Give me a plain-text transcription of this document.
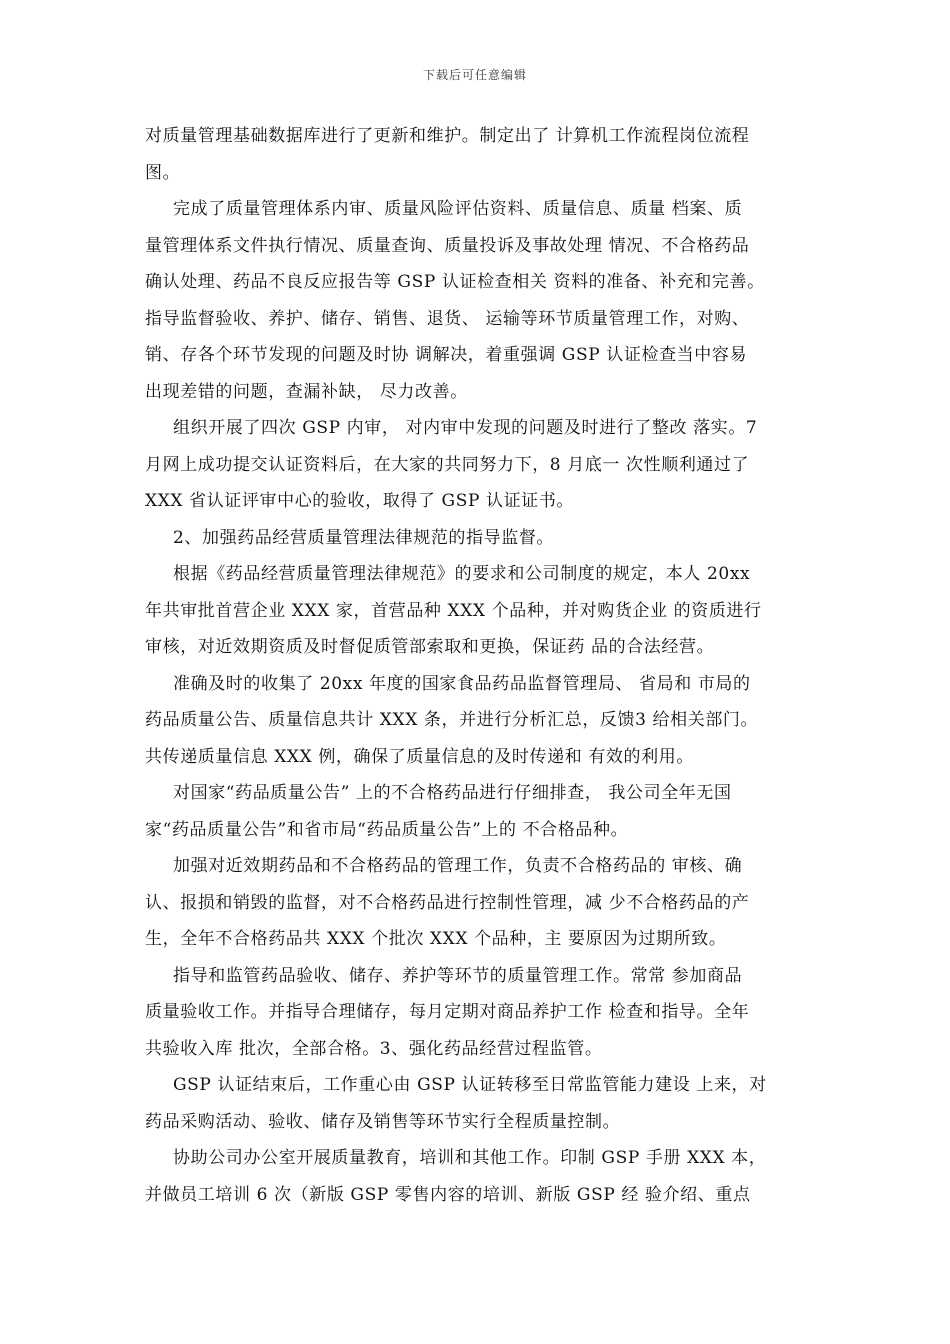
下载后可任意编辑
对质量管理基础数据库进行了更新和维护。制定出了 计算机工作流程岗位流程
图。
完成了质量管理体系内审、质量风险评估资料、质量信息、质量 档案、质
量管理体系文件执行情况、质量查询、质量投诉及事故处理 情况、不合格药品
确认处理、药品不良反应报告等 GSP 认证检查相关 资料的准备、补充和完善。
指导监督验收、养护、储存、销售、退货、 运输等环节质量管理工作，对购、
销、存各个环节发现的问题及时协 调解决，着重强调 GSP 认证检查当中容易
出现差错的问题，查漏补缺， 尽力改善。
组织开展了四次 GSP 内审， 对内审中发现的问题及时进行了整改 落实。7
月网上成功提交认证资料后，在大家的共同努力下，8 月底一 次性顺利通过了
XXX 省认证评审中心的验收，取得了 GSP 认证证书。
2、加强药品经营质量管理法律规范的指导监督。
根据《药品经营质量管理法律规范》的要求和公司制度的规定，本人 20xx
年共审批首营企业 XXX 家，首营品种 XXX 个品种，并对购货企业 的资质进行
审核，对近效期资质及时督促质管部索取和更换，保证药 品的合法经营。
准确及时的收集了 20xx 年度的国家食品药品监督管理局、 省局和 市局的
药品质量公告、质量信息共计 XXX 条，并进行分析汇总，反馈3 给相关部门。
共传递质量信息 XXX 例，确保了质量信息的及时传递和 有效的利用。
对国家“药品质量公告” 上的不合格药品进行仔细排查， 我公司全年无国
家“药品质量公告”和省市局“药品质量公告”上的 不合格品种。
加强对近效期药品和不合格药品的管理工作，负责不合格药品的 审核、确
认、报损和销毁的监督，对不合格药品进行控制性管理，减 少不合格药品的产
生，全年不合格药品共 XXX 个批次 XXX 个品种，主 要原因为过期所致。
指导和监管药品验收、储存、养护等环节的质量管理工作。常常 参加商品
质量验收工作。并指导合理储存，每月定期对商品养护工作 检查和指导。全年
共验收入库 批次，全部合格。3、强化药品经营过程监管。
GSP 认证结束后，工作重心由 GSP 认证转移至日常监管能力建设 上来，对
药品采购活动、验收、储存及销售等环节实行全程质量控制。
协助公司办公室开展质量教育，培训和其他工作。印制 GSP 手册 XXX 本，
并做员工培训 6 次（新版 GSP 零售内容的培训、新版 GSP 经 验介绍、重点
